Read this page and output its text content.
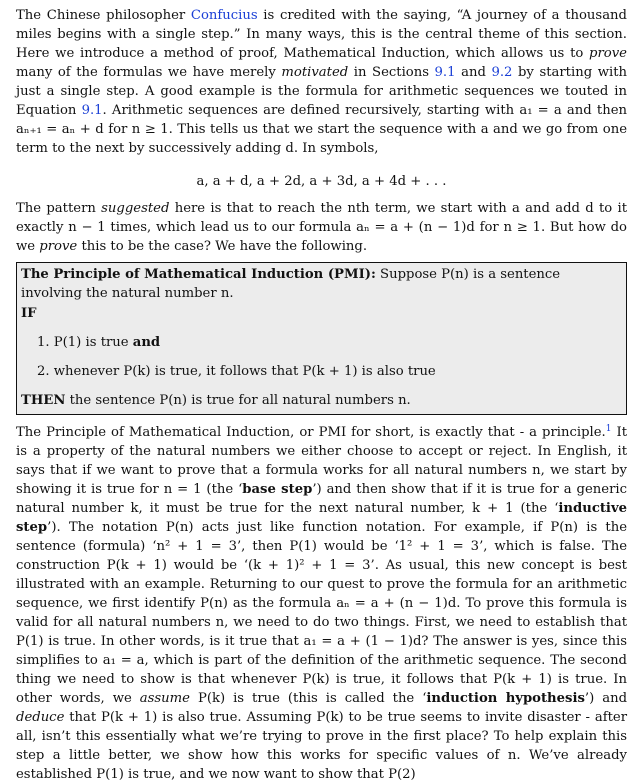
The Chinese philosopher Confucius is credited with the saying, “A journey of a thousand miles begins with a single step.” In many ways, this is the central theme of this section. Here we introduce a method of proof, Mathematical Induction, which allows us to prove many of the formulas we have merely motivated in Sections 9.1 and 9.2 by starting with just a single step. A good example is the formula for arithmetic sequences we touted in Equation 9.1. Arithmetic sequences are defined recursively, starting with a₁ = a and then aₙ₊₁ = aₙ + d for n ≥ 1. This tells us that we start the sequence with a and we go from one term to the next by successively adding d. In symbols,

a, a + d, a + 2d, a + 3d, a + 4d + . . .

The pattern suggested here is that to reach the nth term, we start with a and add d to it exactly n − 1 times, which lead us to our formula aₙ = a + (n − 1)d for n ≥ 1. But how do we prove this to be the case? We have the following.

The Principle of Mathematical Induction (PMI): Suppose P(n) is a sentence involving the natural number n.
IF
1. P(1) is true and
2. whenever P(k) is true, it follows that P(k + 1) is also true
THEN the sentence P(n) is true for all natural numbers n.

The Principle of Mathematical Induction, or PMI for short, is exactly that - a principle.$^1$ It is a property of the natural numbers we either choose to accept or reject. In English, it says that if we want to prove that a formula works for all natural numbers n, we start by showing it is true for n = 1 (the ‘base step’) and then show that if it is true for a generic natural number k, it must be true for the next natural number, k + 1 (the ‘inductive step’). The notation P(n) acts just like function notation. For example, if P(n) is the sentence (formula) ‘n² + 1 = 3’, then P(1) would be ‘1² + 1 = 3’, which is false. The construction P(k + 1) would be ‘(k + 1)² + 1 = 3’. As usual, this new concept is best illustrated with an example. Returning to our quest to prove the formula for an arithmetic sequence, we first identify P(n) as the formula aₙ = a + (n − 1)d. To prove this formula is valid for all natural numbers n, we need to do two things. First, we need to establish that P(1) is true. In other words, is it true that a₁ = a + (1 − 1)d? The answer is yes, since this simplifies to a₁ = a, which is part of the definition of the arithmetic sequence. The second thing we need to show is that whenever P(k) is true, it follows that P(k + 1) is true. In other words, we assume P(k) is true (this is called the ‘induction hypothesis’) and deduce that P(k + 1) is also true. Assuming P(k) to be true seems to invite disaster - after all, isn’t this essentially what we’re trying to prove in the first place? To help explain this step a little better, we show how this works for specific values of n. We’ve already established P(1) is true, and we now want to show that P(2)
